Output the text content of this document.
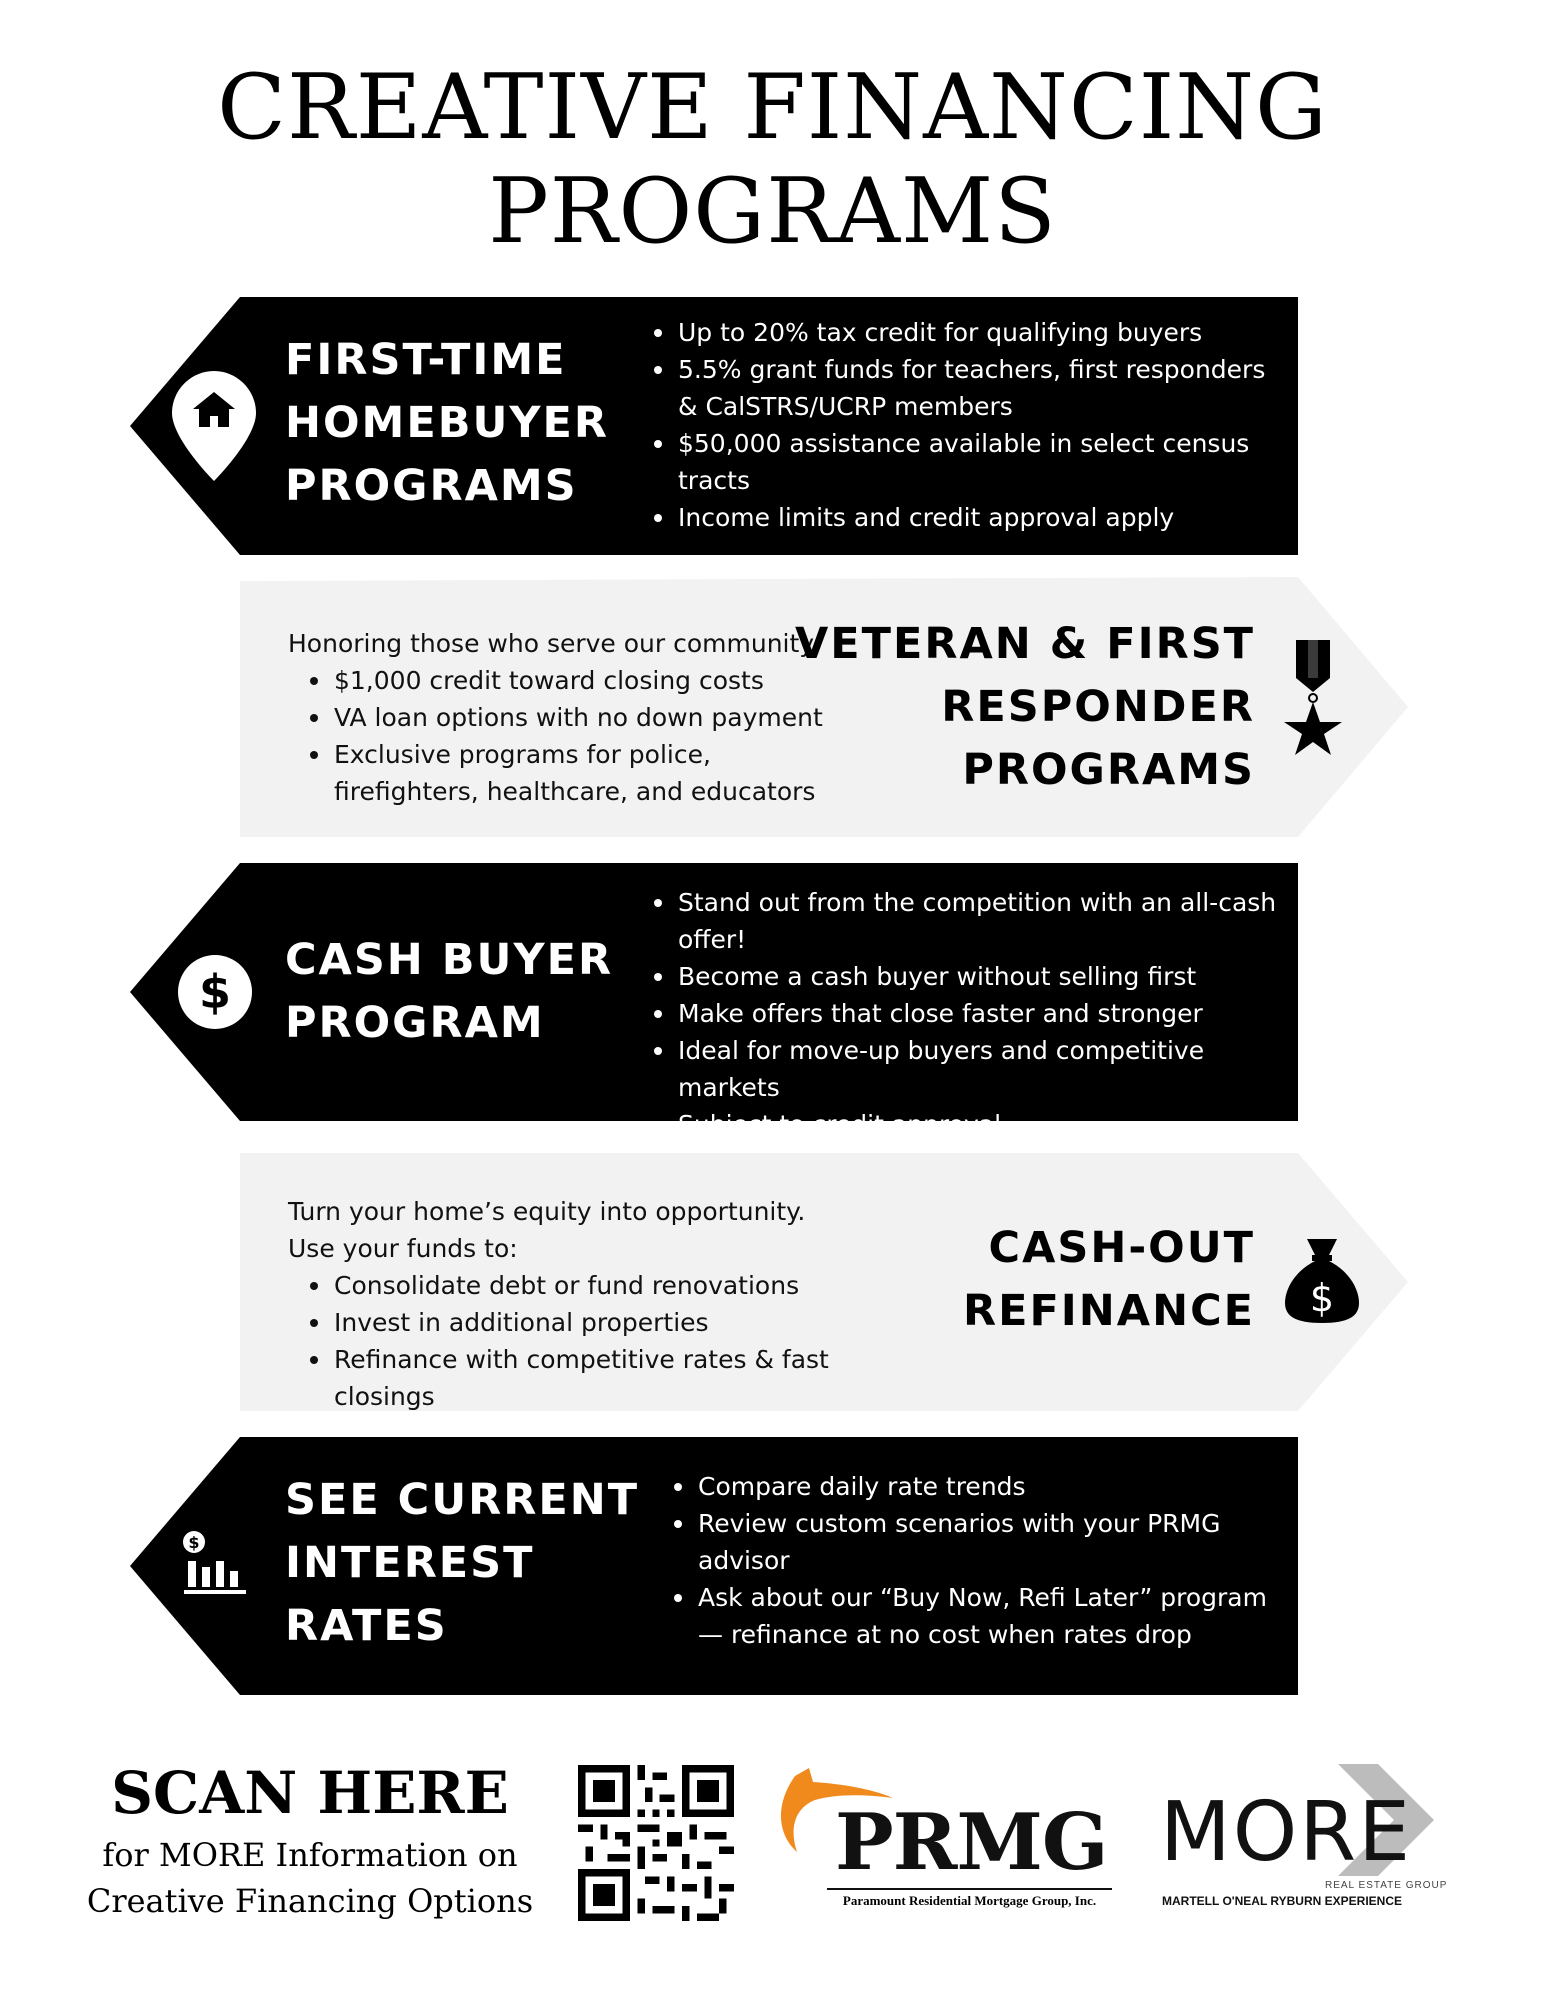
CREATIVE FINANCING
PROGRAMS
FIRST-TIME
HOMEBUYER
PROGRAMS
Up to 20% tax credit for qualifying buyers
5.5% grant funds for teachers, first responders & CalSTRS/UCRP members
$50,000 assistance available in select census tracts
Income limits and credit approval apply
Honoring those who serve our community
$1,000 credit toward closing costs
VA loan options with no down payment
Exclusive programs for police, firefighters, healthcare, and educators
VETERAN & FIRST
RESPONDER
PROGRAMS
$
CASH BUYER
PROGRAM
Stand out from the competition with an all-cash offer!
Become a cash buyer without selling first
Make offers that close faster and stronger
Ideal for move-up buyers and competitive markets
Subject to credit approval
Turn your home’s equity into opportunity.
Use your funds to:
Consolidate debt or fund renovations
Invest in additional properties
Refinance with competitive rates & fast closings
CASH-OUT
REFINANCE $
$
SEE CURRENT
INTEREST
RATES
Compare daily rate trends
Review custom scenarios with your PRMG advisor
Ask about our “Buy Now, Refi Later” program — refinance at no cost when rates drop
SCAN HERE
for MORE Information on
Creative Financing Options
PRMG
Paramount Residential Mortgage Group, Inc.
MORE
REAL ESTATE GROUP
MARTELL O'NEAL RYBURN EXPERIENCE
